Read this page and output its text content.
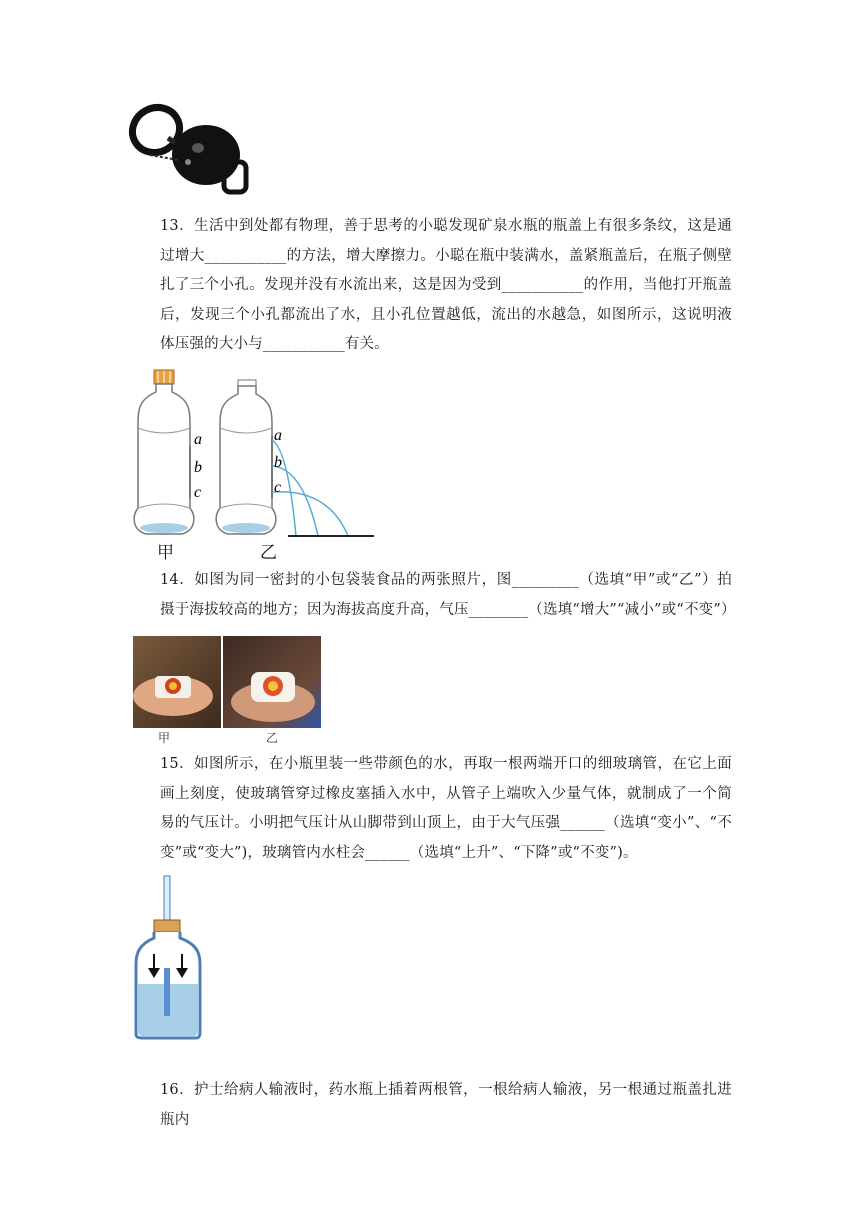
13．生活中到处都有物理，善于思考的小聪发现矿泉水瓶的瓶盖上有很多条纹，这是通过增大___________的方法，增大摩擦力。小聪在瓶中装满水，盖紧瓶盖后，在瓶子侧壁扎了三个小孔。发现并没有水流出来，这是因为受到___________的作用，当他打开瓶盖后，发现三个小孔都流出了水，且小孔位置越低，流出的水越急，如图所示，这说明液体压强的大小与___________有关。
a
b
c
a
b
c
甲	乙
14．如图为同一密封的小包袋装食品的两张照片，图_________（选填“甲”或“乙”）拍摄于海拔较高的地方；因为海拔高度升高，气压________（选填“增大”“减小”或“不变”）
甲	乙
15．如图所示，在小瓶里装一些带颜色的水，再取一根两端开口的细玻璃管，在它上面画上刻度，使玻璃管穿过橡皮塞插入水中，从管子上端吹入少量气体，就制成了一个简易的气压计。小明把气压计从山脚带到山顶上，由于大气压强______（选填“变小”、“不变”或“变大”)，玻璃管内水柱会______（选填“上升”、“下降”或“不变”)。
16．护士给病人输液时，药水瓶上插着两根管，一根给病人输液，另一根通过瓶盖扎进瓶内
